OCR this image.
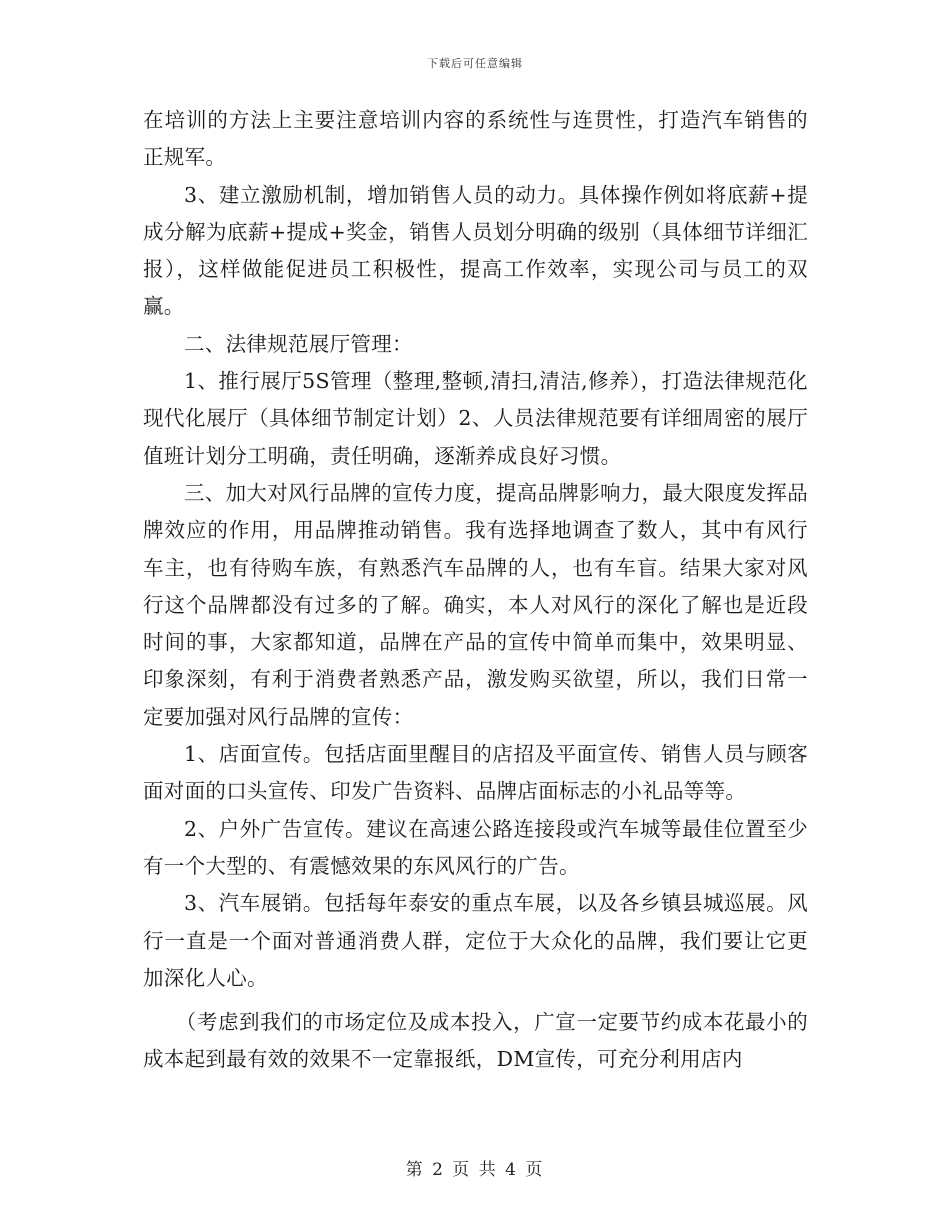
下载后可任意编辑

在培训的方法上主要注意培训内容的系统性与连贯性，打造汽车销售的正规军。

3、建立激励机制，增加销售人员的动力。具体操作例如将底薪+提成分解为底薪+提成+奖金，销售人员划分明确的级别（具体细节详细汇报），这样做能促进员工积极性，提高工作效率，实现公司与员工的双赢。

二、法律规范展厅管理：

1、推行展厅5S管理（整理,整顿,清扫,清洁,修养），打造法律规范化现代化展厅（具体细节制定计划）2、人员法律规范要有详细周密的展厅值班计划分工明确，责任明确，逐渐养成良好习惯。

三、加大对风行品牌的宣传力度，提高品牌影响力，最大限度发挥品牌效应的作用，用品牌推动销售。我有选择地调查了数人，其中有风行车主，也有待购车族，有熟悉汽车品牌的人，也有车盲。结果大家对风行这个品牌都没有过多的了解。确实，本人对风行的深化了解也是近段时间的事，大家都知道，品牌在产品的宣传中简单而集中，效果明显、印象深刻，有利于消费者熟悉产品，激发购买欲望，所以，我们日常一定要加强对风行品牌的宣传：

1、店面宣传。包括店面里醒目的店招及平面宣传、销售人员与顾客面对面的口头宣传、印发广告资料、品牌店面标志的小礼品等等。

2、户外广告宣传。建议在高速公路连接段或汽车城等最佳位置至少有一个大型的、有震憾效果的东风风行的广告。

3、汽车展销。包括每年泰安的重点车展，以及各乡镇县城巡展。风行一直是一个面对普通消费人群，定位于大众化的品牌，我们要让它更加深化人心。

（考虑到我们的市场定位及成本投入，广宣一定要节约成本花最小的成本起到最有效的效果不一定靠报纸，DM宣传，可充分利用店内

第 2 页 共 4 页
